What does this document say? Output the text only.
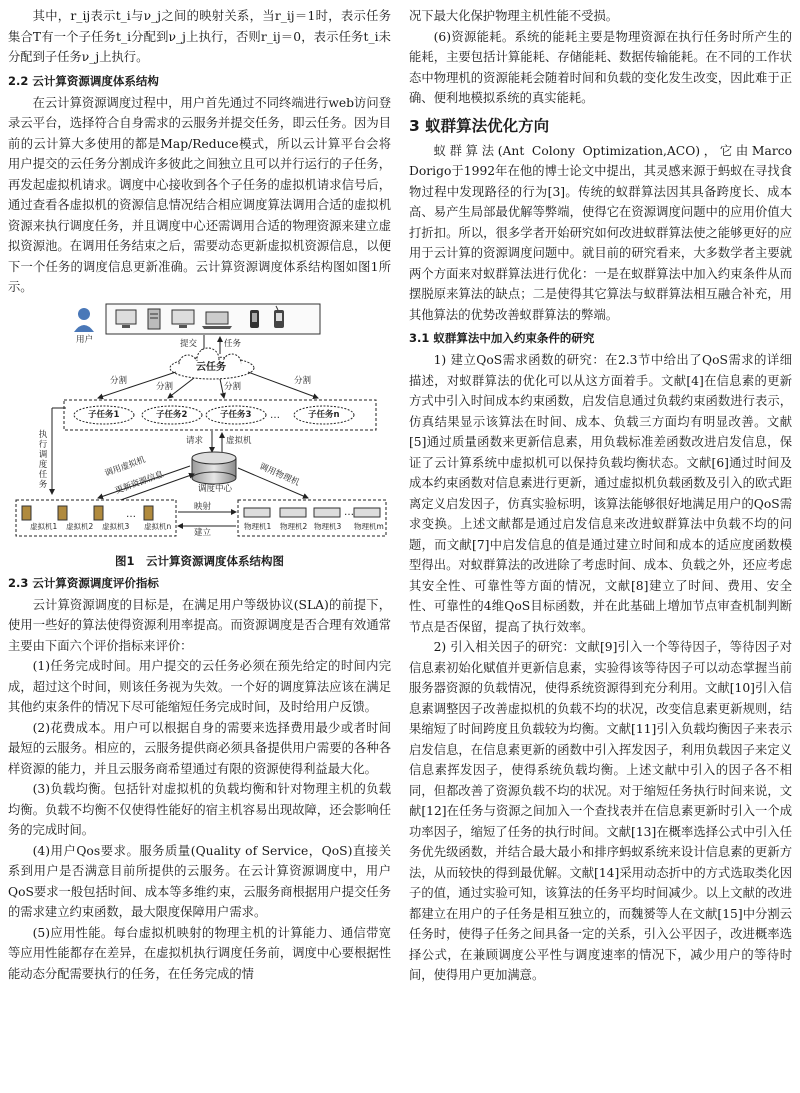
其中，r_ij表示t_i与ν_j之间的映射关系，当r_ij＝1时，表示任务集合T有一个子任务t_i分配到ν_j上执行，否则r_ij＝0，表示任务t_i未分配到子任务ν_j上执行。

2.2 云计算资源调度体系结构

在云计算资源调度过程中，用户首先通过不同终端进行web访问登录云平台，选择符合自身需求的云服务并提交任务，即云任务。因为目前的云计算大多使用的都是Map/Reduce模式，所以云计算平台会将用户提交的云任务分割成许多彼此之间独立且可以并行运行的子任务，再发起虚拟机请求。调度中心接收到各个子任务的虚拟机请求信号后，通过查看各虚拟机的资源信息情况结合相应调度算法调用合适的虚拟机资源来执行调度任务，并且调度中心还需调用合适的物理资源来建立虚拟资源池。在调用任务结束之后，需要动态更新虚拟机资源信息，以便下一个任务的调度信息更新准确。云计算资源调度体系结构图如图1所示。

…
…	…
用户	提交	任务
云任务
分割
分割	分割
分割
子任务1	子任务2	子任务3	子任务n
请求	虚拟机
执行调度任务
调用虚拟机
更新资源信息	调用物理机
调度中心
映射
建立
虚拟机1 虚拟机2 虚拟机3 虚拟机n	物理机1 物理机2 物理机3 物理机m
图1　云计算资源调度体系结构图
2.3 云计算资源调度评价指标

云计算资源调度的目标是，在满足用户等级协议(SLA)的前提下，使用一些好的算法使得资源利用率提高。而资源调度是否合理有效通常主要由下面六个评价指标来评价：

(1)任务完成时间。用户提交的云任务必须在预先给定的时间内完成，超过这个时间，则该任务视为失效。一个好的调度算法应该在满足其他约束条件的情况下尽可能缩短任务完成时间，及时给用户反馈。

(2)花费成本。用户可以根据自身的需要来选择费用最少或者时间最短的云服务。相应的，云服务提供商必须具备提供用户需要的各种各样资源的能力，并且云服务商希望通过有限的资源使得利益最大化。

(3)负载均衡。包括针对虚拟机的负载均衡和针对物理主机的负载均衡。负载不均衡不仅使得性能好的宿主机容易出现故障，还会影响任务的完成时间。

(4)用户Qos要求。服务质量(Quality of Service，QoS)直接关系到用户是否满意目前所提供的云服务。在云计算资源调度中，用户QoS要求一般包括时间、成本等多维约束，云服务商根据用户提交任务的需求建立约束函数，最大限度保障用户需求。

(5)应用性能。每台虚拟机映射的物理主机的计算能力、通信带宽等应用性能都存在差异，在虚拟机执行调度任务前，调度中心要根据性能动态分配需要执行的任务，在任务完成的情

况下最大化保护物理主机性能不受损。

(6)资源能耗。系统的能耗主要是物理资源在执行任务时所产生的能耗，主要包括计算能耗、存储能耗、数据传输能耗。在不同的工作状态中物理机的资源能耗会随着时间和负载的变化发生改变，因此难于正确、便利地模拟系统的真实能耗。

3 蚁群算法优化方向

蚁群算法(Ant Colony Optimization,ACO)，它由Marco Dorigo于1992年在他的博士论文中提出，其灵感来源于蚂蚁在寻找食物过程中发现路径的行为[3]。传统的蚁群算法因其具备跨度长、成本高、易产生局部最优解等弊端，使得它在资源调度问题中的应用价值大打折扣。所以，很多学者开始研究如何改进蚁群算法使之能够更好的应用于云计算的资源调度问题中。就目前的研究看来，大多数学者主要就两个方面来对蚁群算法进行优化：一是在蚁群算法中加入约束条件从而摆脱原来算法的缺点；二是使得其它算法与蚁群算法相互融合补充，用其他算法的优势改善蚁群算法的弊端。

3.1 蚁群算法中加入约束条件的研究

1) 建立QoS需求函数的研究：在2.3节中给出了QoS需求的详细描述，对蚁群算法的优化可以从这方面着手。文献[4]在信息素的更新方式中引入时间成本约束函数，启发信息通过负载约束函数进行表示，仿真结果显示该算法在时间、成本、负载三方面均有明显改善。文献[5]通过质量函数来更新信息素，用负载标准差函数改进启发信息，保证了云计算系统中虚拟机可以保持负载均衡状态。文献[6]通过时间及成本约束函数对信息素进行更新，通过虚拟机负载函数及引入的欧式距离定义启发因子，仿真实验标明，该算法能够很好地满足用户的QoS需求变换。上述文献都是通过启发信息来改进蚁群算法中负载不均的问题，而文献[7]中启发信息的值是通过建立时间和成本的适应度函数模型得出。对蚁群算法的改进除了考虑时间、成本、负载之外，还应考虑其安全性、可靠性等方面的情况，文献[8]建立了时间、费用、安全性、可靠性的4维QoS目标函数，并在此基础上增加节点审查机制判断节点是否保留，提高了执行效率。

2) 引入相关因子的研究：文献[9]引入一个等待因子，等待因子对信息素初始化赋值并更新信息素，实验得该等待因子可以动态掌握当前服务器资源的负载情况，使得系统资源得到充分利用。文献[10]引入信息素调整因子改善虚拟机的负载不均的状况，改变信息素更新规则，结果缩短了时间跨度且负载较为均衡。文献[11]引入负载均衡因子来表示启发信息，在信息素更新的函数中引入挥发因子，利用负载因子来定义信息素挥发因子，使得系统负载均衡。上述文献中引入的因子各不相同，但都改善了资源负载不均的状况。对于缩短任务执行时间来说，文献[12]在任务与资源之间加入一个查找表并在信息素更新时引入一个成功率因子，缩短了任务的执行时间。文献[13]在概率选择公式中引入任务优先级函数，并结合最大最小和排序蚂蚁系统来设计信息素的更新方法，从而较快的得到最优解。文献[14]采用动态折中的方式选取类化因子的值，通过实验可知，该算法的任务平均时间减少。以上文献的改进都建立在用户的子任务是相互独立的，而魏赟等人在文献[15]中分割云任务时，使得子任务之间具备一定的关系，引入公平因子，改进概率选择公式，在兼顾调度公平性与调度速率的情况下，减少用户的等待时间，使得用户更加满意。
